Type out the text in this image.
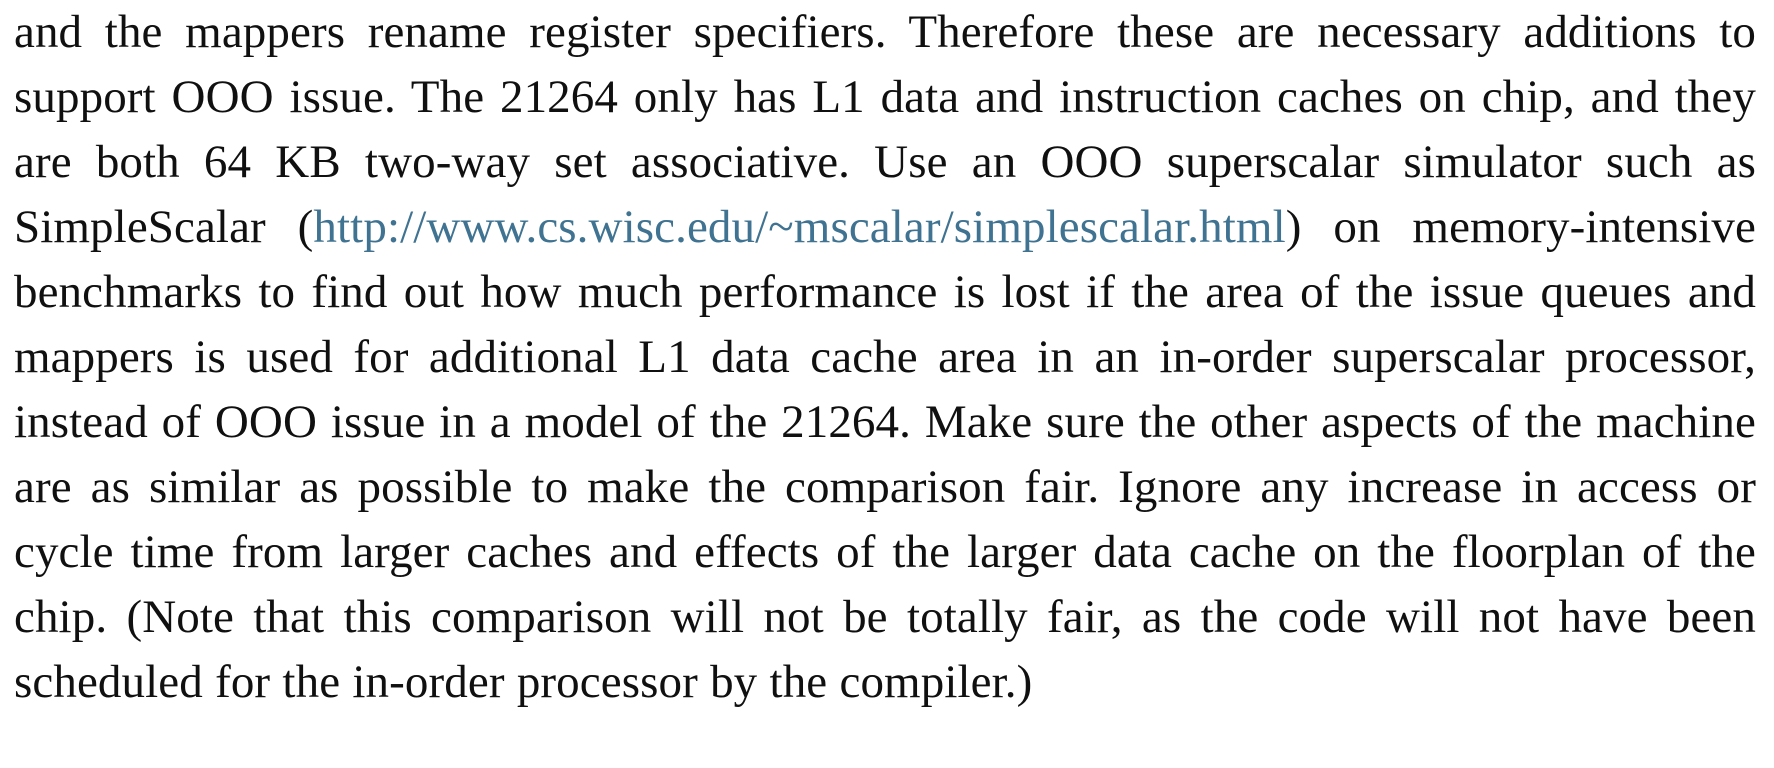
and the mappers rename register specifiers. Therefore these are necessary additions to support OOO issue. The 21264 only has L1 data and instruction caches on chip, and they are both 64 KB two-way set associative. Use an OOO superscalar simulator such as SimpleScalar (http://www.cs.wisc.edu/~mscalar/simplescalar.html) on memory-intensive benchmarks to find out how much performance is lost if the area of the issue queues and mappers is used for additional L1 data cache area in an in-order superscalar processor, instead of OOO issue in a model of the 21264. Make sure the other aspects of the machine are as similar as possible to make the comparison fair. Ignore any increase in access or cycle time from larger caches and effects of the larger data cache on the floorplan of the chip. (Note that this comparison will not be totally fair, as the code will not have been scheduled for the in-order processor by the compiler.)
